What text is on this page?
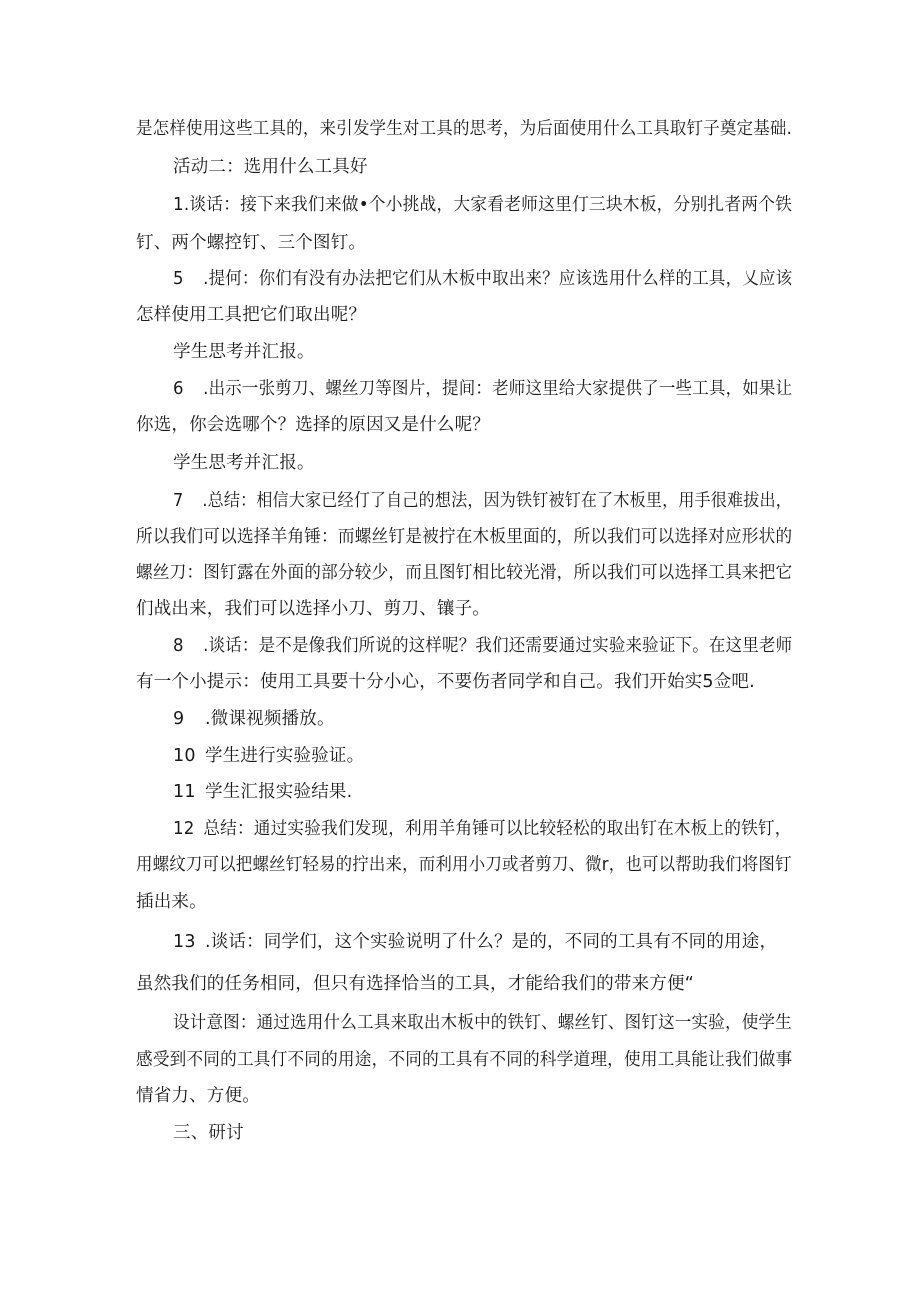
是怎样使用这些工具的，来引发学生对工具的思考，为后面使用什么工具取钉子奠定基础.
活动二：选用什么工具好
1.谈话：接下来我们来做•个小挑战，大家看老师这里仃三块木板，分别扎者两个铁
钉、两个螺控钉、三个图钉。
5 .提何：你们有没有办法把它们从木板中取出来？应该选用什么样的工具，乂应该
怎样使用工具把它们取出呢？
学生思考并汇报。
6 .出示一张剪刀、螺丝刀等图片，提间：老师这里给大家提供了一些工具，如果让
你选，你会选哪个？选择的原因又是什么呢？
学生思考并汇报。
7 .总结：相信大家已经仃了自己的想法，因为铁钉被钉在了木板里，用手很难拔出，
所以我们可以选择羊角锤：而螺丝钉是被拧在木板里面的，所以我们可以选择对应形状的
螺丝刀：图钉露在外面的部分较少，而且图钉相比较光滑，所以我们可以选择工具来把它
们战出来，我们可以选择小刀、剪刀、镶子。
8 .谈话：是不是像我们所说的这样呢？我们还需要通过实验来验证下。在这里老师
有一个小提示：使用工具要十分小心，不要伤者同学和自己。我们开始实5佥吧.
9 .微课视频播放。
10 学生进行实验验证。
11 学生汇报实验结果.
12 总结：通过实验我们发现，利用羊角锤可以比较轻松的取出钉在木板上的铁钉，
用螺纹刀可以把螺丝钉轻易的拧出来，而利用小刀或者剪刀、微r，也可以帮助我们将图钉
插出来。
13 .谈话：同学们，这个实验说明了什么？是的，不同的工具有不同的用途，
虽然我们的任务相同，但只有选择恰当的工具，才能给我们的带来方便“
设计意图：通过选用什么工具来取出木板中的铁钉、螺丝钉、图钉这一实验，使学生
感受到不同的工具仃不同的用途，不同的工具有不同的科学道理，使用工具能让我们做事
情省力、方便。
三、研讨
